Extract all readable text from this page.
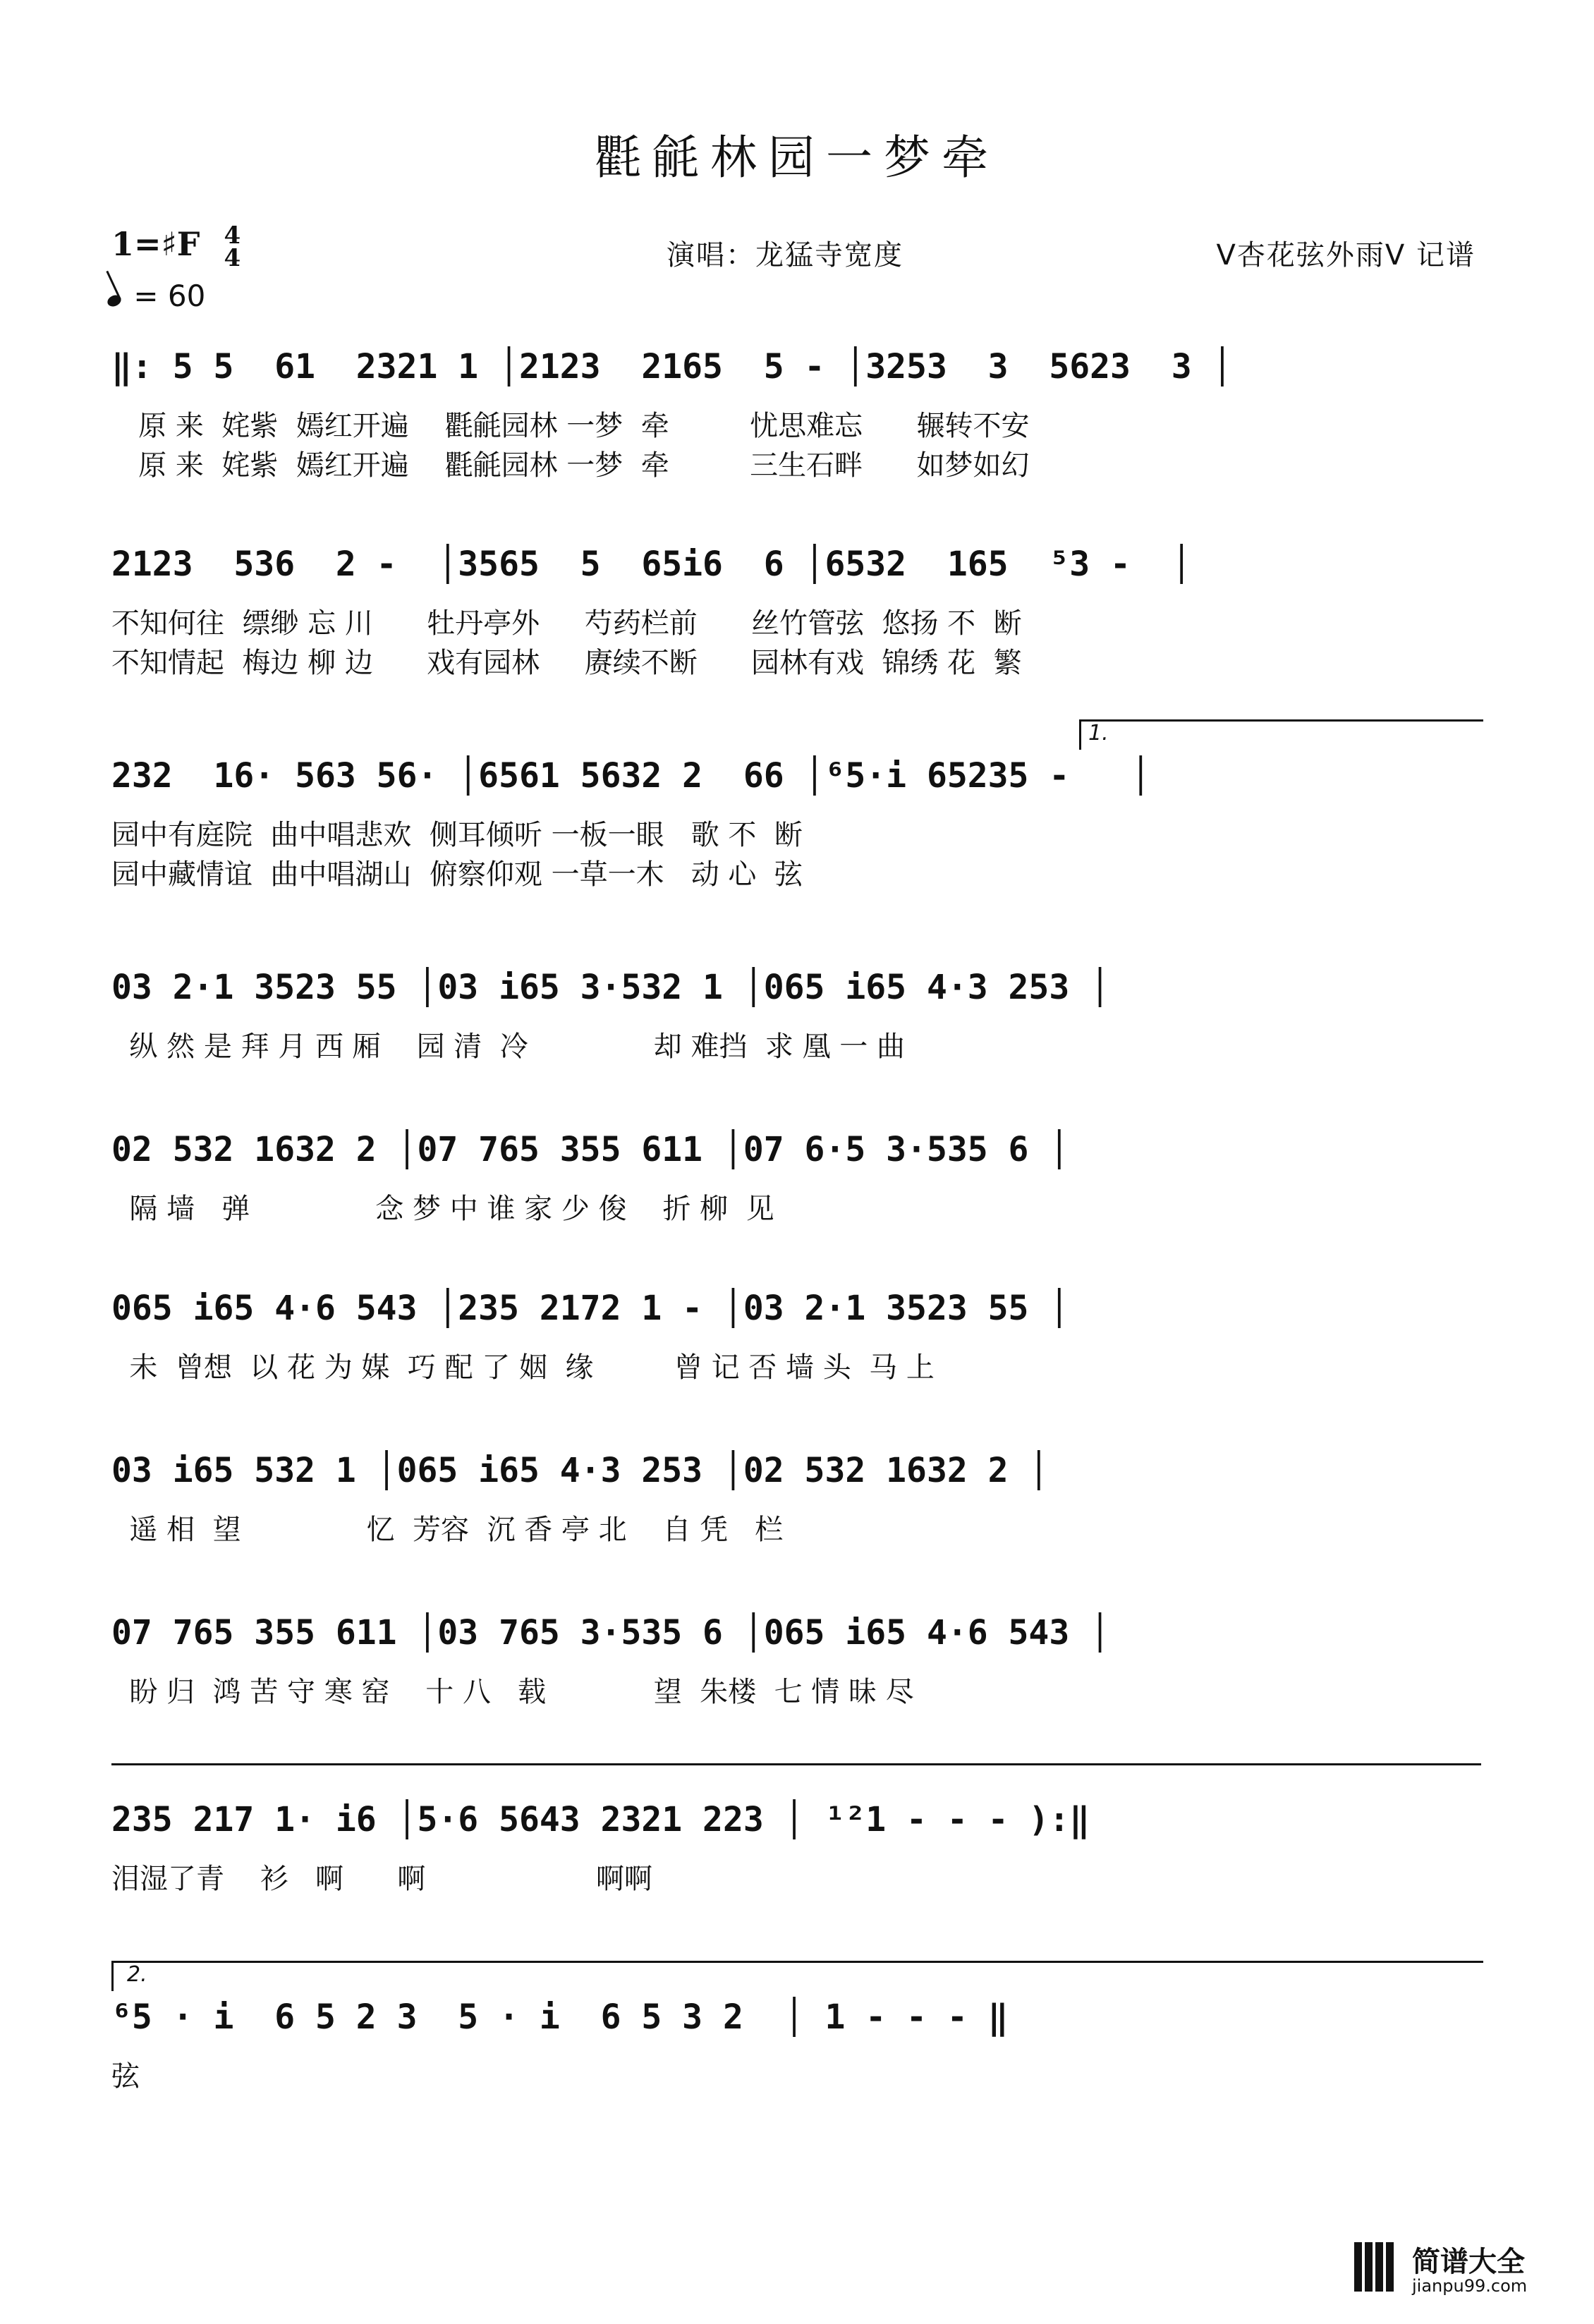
氍毹林园一梦牵
1=♯F 4
4
= 60
演唱：龙猛寺宽度	V杏花弦外雨V 记谱
‖: 5 5  61  2321 1 │2123  2165  5 - │3253  3  5623  3 │
原 来  姹紫  嫣红开遍    氍毹园林 一梦  牵         忧思难忘      辗转不安
原 来  姹紫  嫣红开遍    氍毹园林 一梦  牵         三生石畔      如梦如幻
2123  536  2 -  │3565  5  65i6  6 │6532  165  ⁵3 -  │
不知何往  缥缈 忘 川      牡丹亭外     芍药栏前      丝竹管弦  悠扬 不  断
不知情起  梅边 柳 边      戏有园林     赓续不断      园林有戏  锦绣 花  繁
1.
232  16· 563 56· │6561 5632 2  66 │⁶5·i 65235 -   │
园中有庭院  曲中唱悲欢  侧耳倾听 一板一眼   歌 不  断
园中藏情谊  曲中唱湖山  俯察仰观 一草一木   动 心  弦
03 2·1 3523 55 │03 i65 3·532 1 │065 i65 4·3 253 │
纵 然 是 拜 月 西 厢    园 清  冷              却 难挡  求 凰 一 曲
02 532 1632 2 │07 765 355 611 │07 6·5 3·535 6 │
隔 墙   弹              念 梦 中 谁 家 少 俊    折 柳  见
065 i65 4·6 543 │235 2172 1 - │03 2·1 3523 55 │
未  曾想  以 花 为 媒  巧 配 了 姻  缘         曾 记 否 墙 头  马 上
03 i65 532 1 │065 i65 4·3 253 │02 532 1632 2 │
遥 相  望              忆  芳容  沉 香 亭 北    自 凭   栏
07 765 355 611 │03 765 3·535 6 │065 i65 4·6 543 │
盼 归  鸿 苦 守 寒 窑    十 八   载            望  朱楼  七 情 昧 尽
235 217 1· i6 │5·6 5643 2321 223 │ ¹²1 - - - ):‖
泪湿了青    衫   啊      啊                   啊啊
2.
⁶5 · i  6 5 2 3  5 · i  6 5 3 2  │ 1 - - - ‖
弦
简谱大全
jianpu99.com
